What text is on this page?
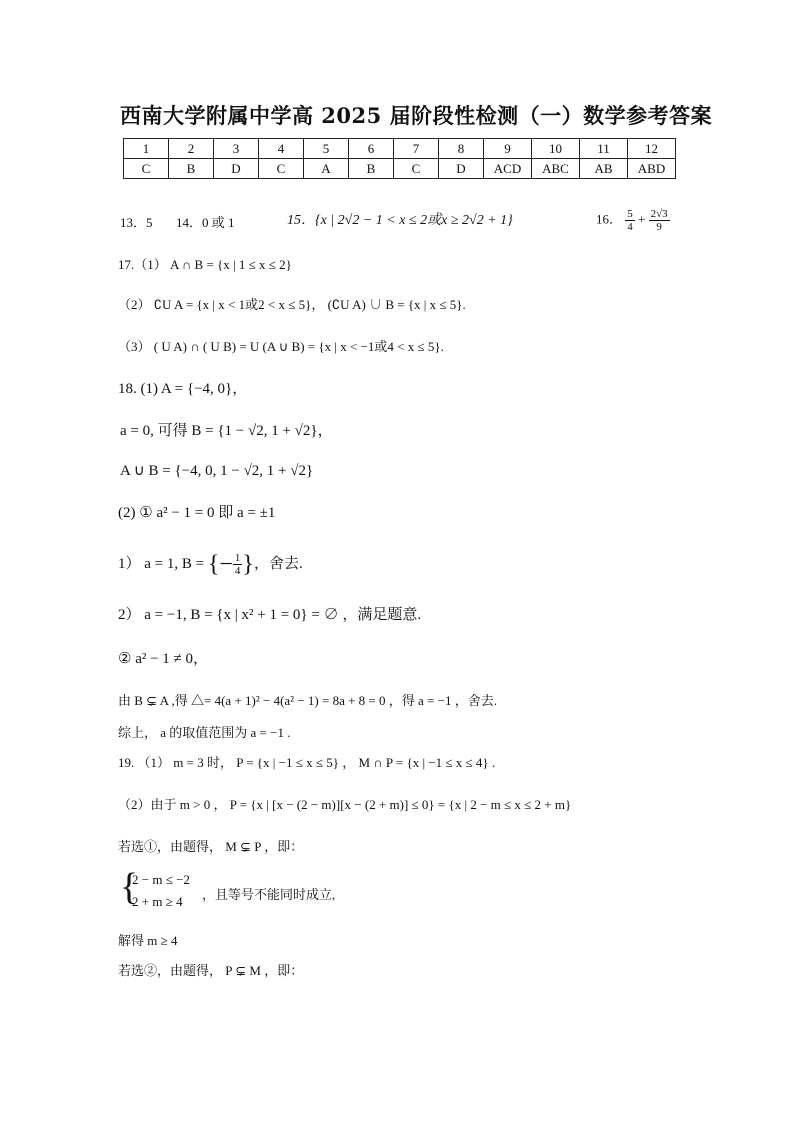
西南大学附属中学高 2025 届阶段性检测（一）数学参考答案
1	2	3	4	5	6	7	8	9	10	11	12
C	B	D	C	A	B	C	D	ACD	ABC	AB	ABD
13．5 14．0 或 1	15．{x | 2√2 − 1 < x ≤ 2或x ≥ 2√2 + 1}	16． $\frac{5}{4} + \frac{2√3}{9}$
17.（1） A ∩ B = {x | 1 ≤ x ≤ 2}
（2） ∁U A = {x | x < 1或2 < x ≤ 5}， (∁U A) ∪ B = {x | x ≤ 5}.
（3） ( U A) ∩ ( U B) = U (A ∪ B) = {x | x < −1或4 < x ≤ 5}.
18. (1) A = {−4, 0}，
a = 0, 可得 B = {1 − √2, 1 + √2}，
A ∪ B = {−4, 0, 1 − √2, 1 + √2}
(2) ① a² − 1 = 0 即 a = ±1
1） a = 1, B = {− $\frac{1}{4}$ }，舍去.
2） a = −1, B = {x | x² + 1 = 0} = ∅ ，满足题意.
② a² − 1 ≠ 0，
由 B ⊊ A ,得 △= 4(a + 1)² − 4(a² − 1) = 8a + 8 = 0 ，得 a = −1 ，舍去.
综上， a 的取值范围为 a = −1 .
19. （1） m = 3 时， P = {x | −1 ≤ x ≤ 5} ， M ∩ P = {x | −1 ≤ x ≤ 4} .
（2）由于 m > 0 ， P = {x | [x − (2 − m)][x − (2 + m)] ≤ 0} = {x | 2 − m ≤ x ≤ 2 + m}
若选①，由题得， M ⊊ P ，即：
{
2 − m ≤ −2
2 + m ≥ 4 ，且等号不能同时成立,
解得 m ≥ 4
若选②，由题得， P ⊊ M ，即：
